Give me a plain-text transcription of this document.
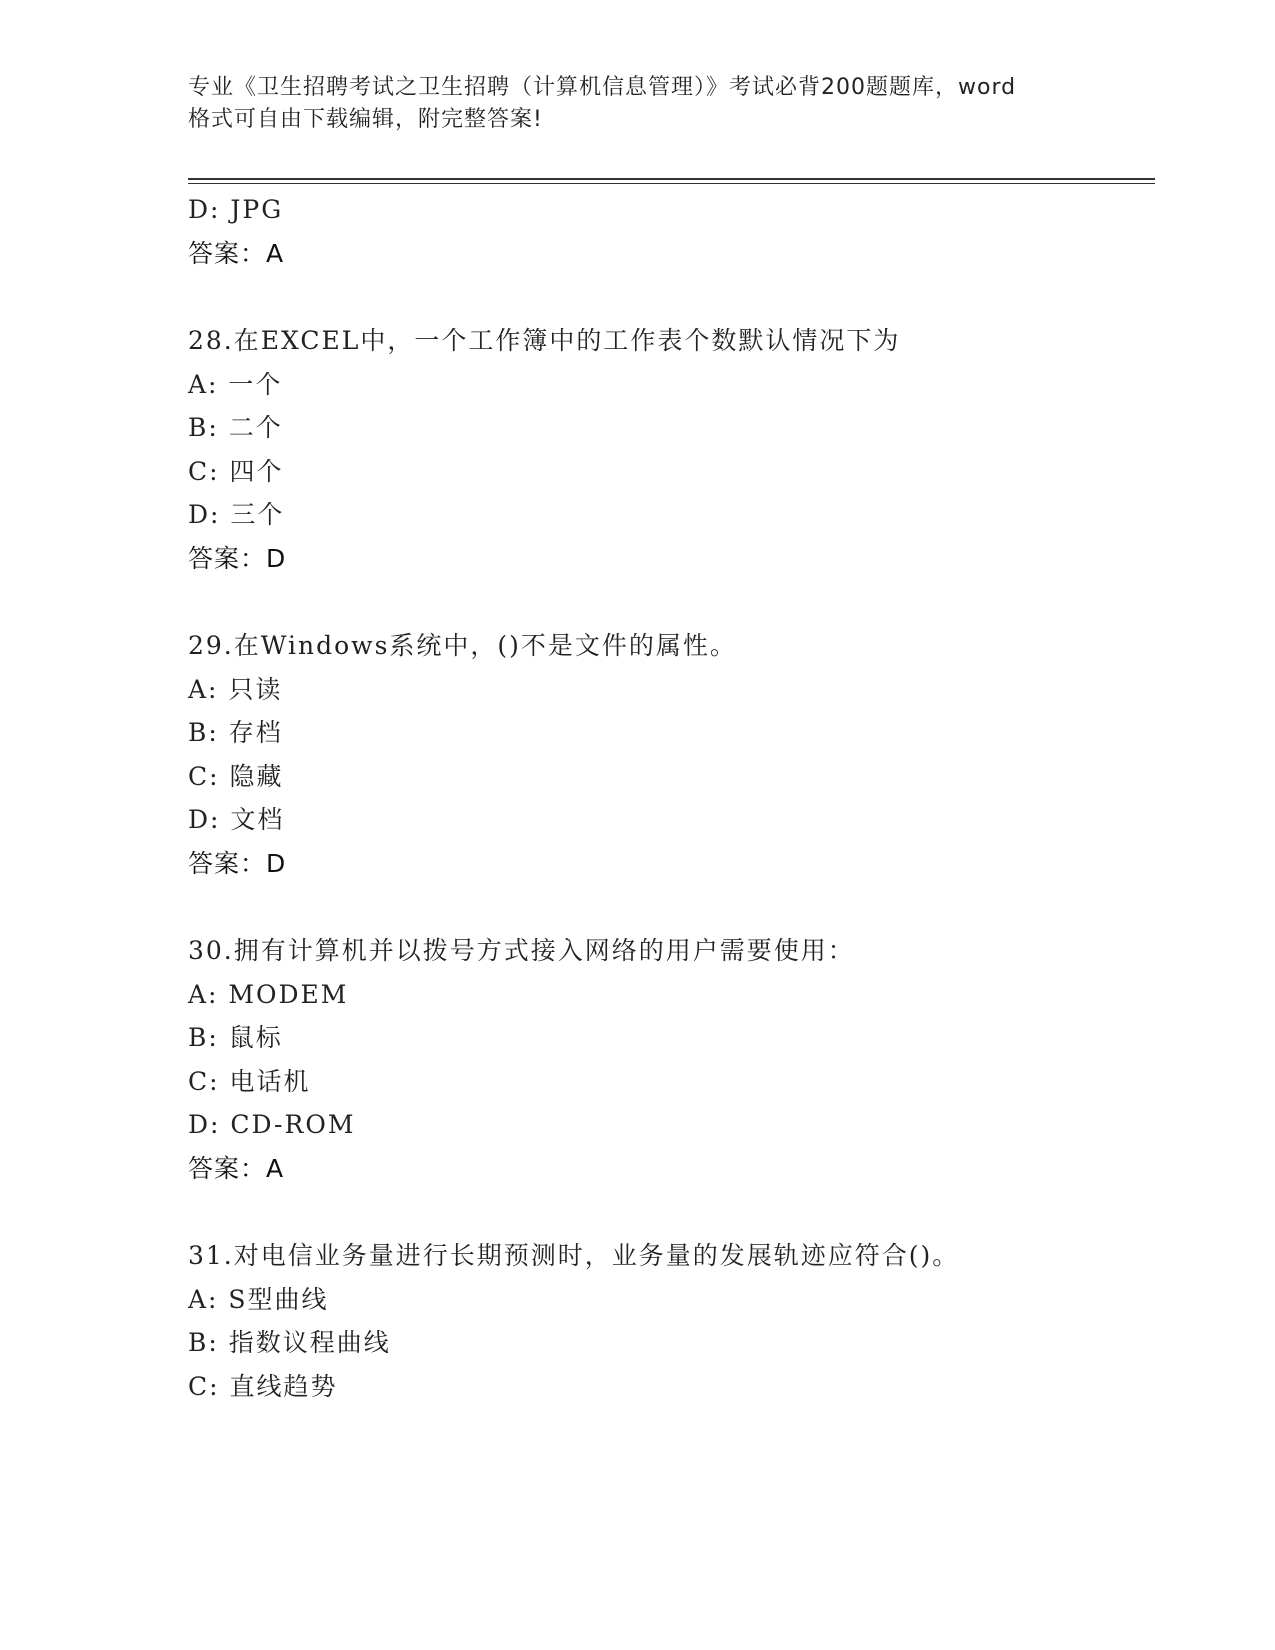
专业《卫生招聘考试之卫生招聘（计算机信息管理）》考试必背200题题库，word
格式可自由下载编辑，附完整答案!
D: JPG
答案：A
28.在EXCEL中，一个工作簿中的工作表个数默认情况下为
A: 一个
B: 二个
C: 四个
D: 三个
答案：D
29.在Windows系统中，()不是文件的属性。
A: 只读
B: 存档
C: 隐藏
D: 文档
答案：D
30.拥有计算机并以拨号方式接入网络的用户需要使用：
A: MODEM
B: 鼠标
C: 电话机
D: CD-ROM
答案：A
31.对电信业务量进行长期预测时，业务量的发展轨迹应符合()。
A: S型曲线
B: 指数议程曲线
C: 直线趋势
